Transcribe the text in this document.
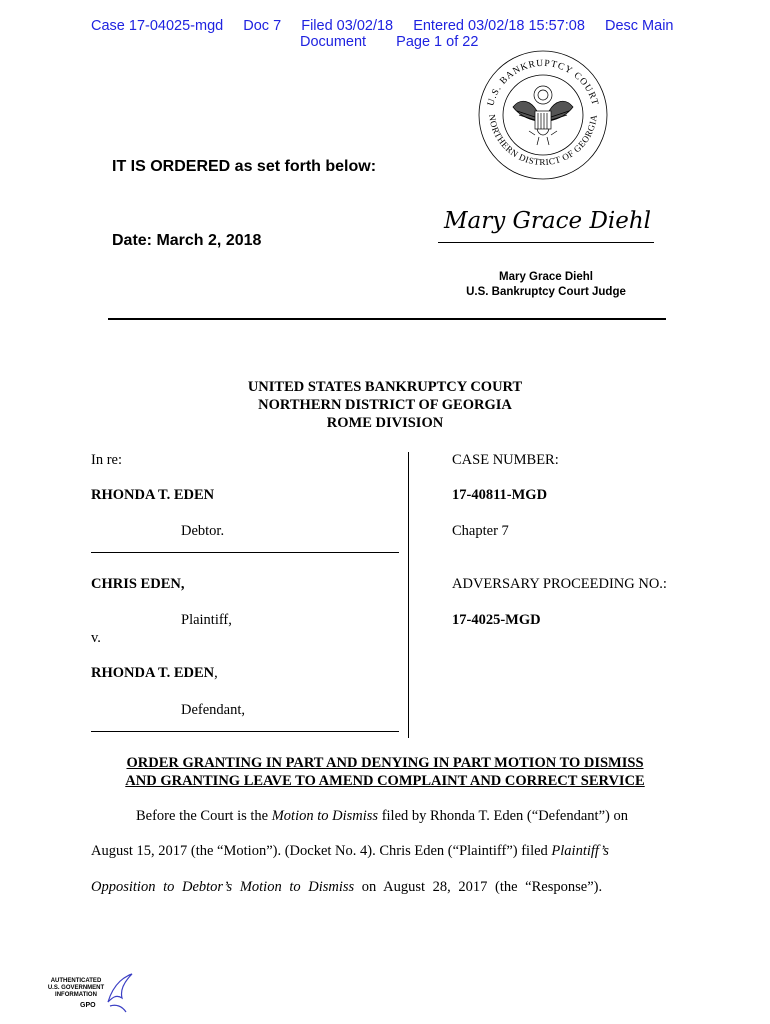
Case 17-04025-mgd Doc 7 Filed 03/02/18 Entered 03/02/18 15:57:08 Desc Main
Document Page 1 of 22
U.S. BANKRUPTCY COURT
NORTHERN DISTRICT OF GEORGIA
IT IS ORDERED as set forth below:
Mary Grace Diehl
Date: March 2, 2018
Mary Grace Diehl
U.S. Bankruptcy Court Judge
UNITED STATES BANKRUPTCY COURT
NORTHERN DISTRICT OF GEORGIA
ROME DIVISION
In re:
RHONDA T. EDEN
Debtor.
CHRIS EDEN,
Plaintiff,
v.
RHONDA T. EDEN,
Defendant,
CASE NUMBER:
17-40811-MGD
Chapter 7
ADVERSARY PROCEEDING NO.:
17-4025-MGD
ORDER GRANTING IN PART AND DENYING IN PART MOTION TO DISMISS
AND GRANTING LEAVE TO AMEND COMPLAINT AND CORRECT SERVICE
Before the Court is the Motion to Dismiss filed by Rhonda T. Eden (“Defendant”) on
August 15, 2017 (the “Motion”). (Docket No. 4). Chris Eden (“Plaintiff”) filed Plaintiff’s
Opposition to Debtor’s Motion to Dismiss on August 28, 2017 (the “Response”).
AUTHENTICATED
U.S. GOVERNMENT
INFORMATION
GPO
